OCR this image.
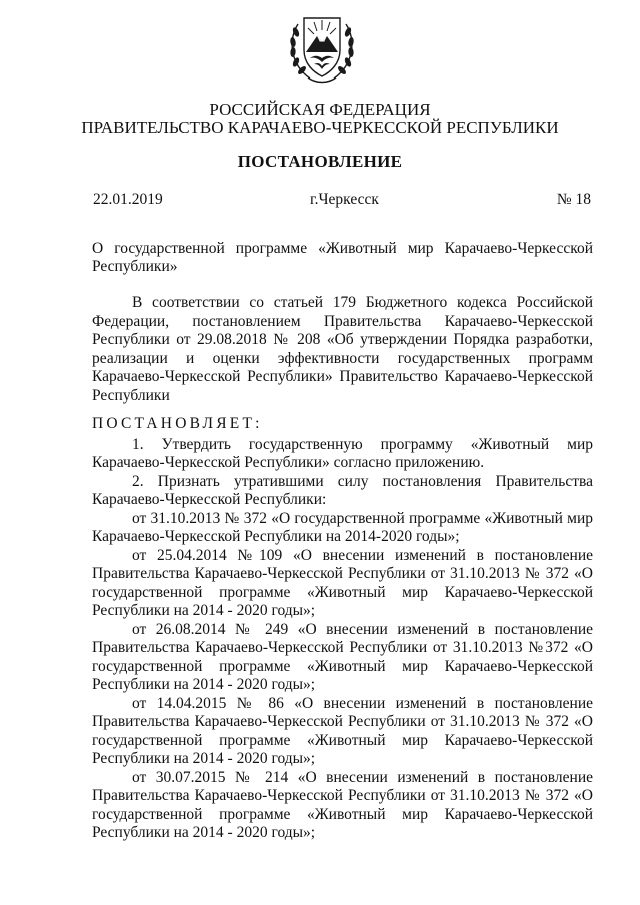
РОССИЙСКАЯ ФЕДЕРАЦИЯ
ПРАВИТЕЛЬСТВО КАРАЧАЕВО-ЧЕРКЕССКОЙ РЕСПУБЛИКИ
ПОСТАНОВЛЕНИЕ
22.01.2019	г.Черкесск	№ 18
О государственной программе «Животный мир Карачаево-Черкесской Республики»

В соответствии со статьей 179 Бюджетного кодекса Российской Федерации, постановлением Правительства Карачаево-Черкесской Республики от 29.08.2018 № 208 «Об утверждении Порядка разработки, реализации и оценки эффективности государственных программ Карачаево-Черкесской Республики» Правительство Карачаево-Черкесской Республики

ПОСТАНОВЛЯЕТ:

1. Утвердить государственную программу «Животный мир Карачаево-Черкесской Республики» согласно приложению.

2. Признать утратившими силу постановления Правительства Карачаево-Черкесской Республики:

от 31.10.2013 № 372 «О государственной программе «Животный мир Карачаево-Черкесской Республики на 2014-2020 годы»;

от 25.04.2014 №109 «О внесении изменений в постановление Правительства Карачаево-Черкесской Республики от 31.10.2013 № 372 «О государственной программе «Животный мир Карачаево-Черкесской Республики на 2014 - 2020 годы»;

от 26.08.2014 № 249 «О внесении изменений в постановление Правительства Карачаево-Черкесской Республики от 31.10.2013 №372 «О государственной программе «Животный мир Карачаево-Черкесской Республики на 2014 - 2020 годы»;

от 14.04.2015 № 86 «О внесении изменений в постановление Правительства Карачаево-Черкесской Республики от 31.10.2013 № 372 «О государственной программе «Животный мир Карачаево-Черкесской Республики на 2014 - 2020 годы»;

от 30.07.2015 № 214 «О внесении изменений в постановление Правительства Карачаево-Черкесской Республики от 31.10.2013 № 372 «О государственной программе «Животный мир Карачаево-Черкесской Республики на 2014 - 2020 годы»;
